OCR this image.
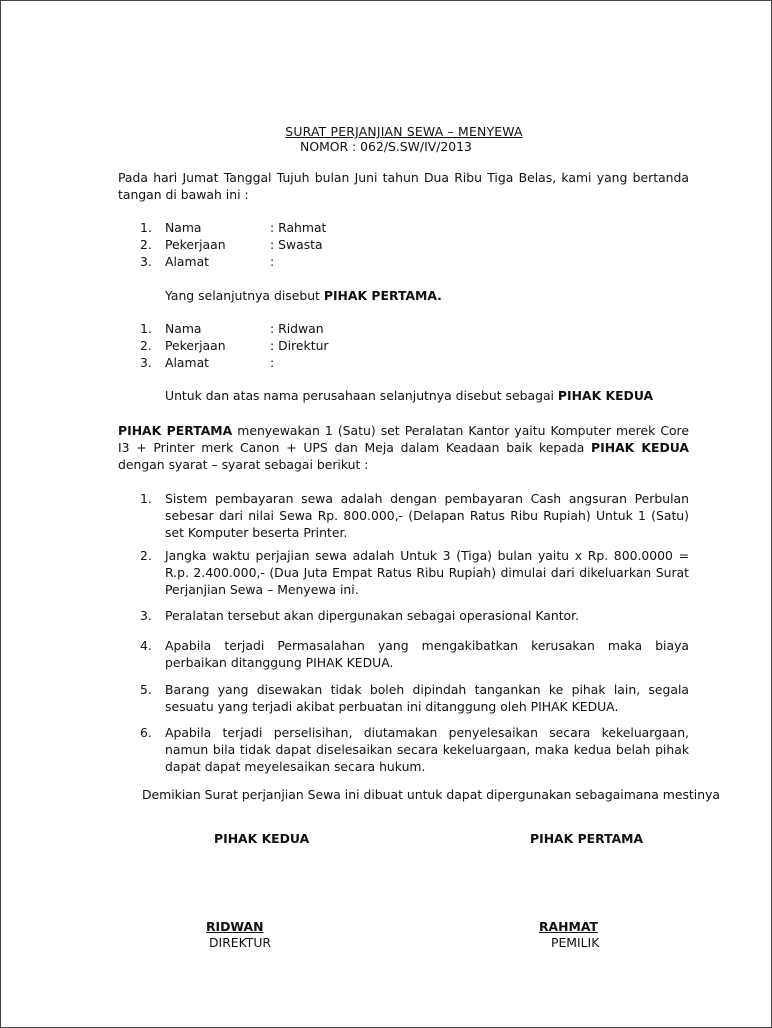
SURAT PERJANJIAN SEWA – MENYEWA
NOMOR : 062/S.SW/IV/2013
Pada hari Jumat Tanggal Tujuh bulan Juni tahun Dua Ribu Tiga Belas, kami yang bertanda tangan di bawah ini :
1. Nama	: Rahmat
2. Pekerjaan	: Swasta
3. Alamat	:
Yang selanjutnya disebut PIHAK PERTAMA.
1. Nama	: Ridwan
2. Pekerjaan	: Direktur
3. Alamat	:
Untuk dan atas nama perusahaan selanjutnya disebut sebagai PIHAK KEDUA
PIHAK PERTAMA menyewakan 1 (Satu) set Peralatan Kantor yaitu Komputer merek Core I3 + Printer merk Canon + UPS dan Meja dalam Keadaan baik kepada PIHAK KEDUA dengan syarat – syarat sebagai berikut :
1. Sistem pembayaran sewa adalah dengan pembayaran Cash angsuran Perbulan sebesar dari nilai Sewa Rp. 800.000,- (Delapan Ratus Ribu Rupiah) Untuk 1 (Satu) set Komputer beserta Printer.
2. Jangka waktu perjajian sewa adalah Untuk 3 (Tiga) bulan yaitu x Rp. 800.0000 = R.p. 2.400.000,- (Dua Juta Empat Ratus Ribu Rupiah) dimulai dari dikeluarkan Surat Perjanjian Sewa – Menyewa ini.
3. Peralatan tersebut akan dipergunakan sebagai operasional Kantor.
4. Apabila terjadi Permasalahan yang mengakibatkan kerusakan maka biaya perbaikan ditanggung PIHAK KEDUA.
5. Barang yang disewakan tidak boleh dipindah tangankan ke pihak lain, segala sesuatu yang terjadi akibat perbuatan ini ditanggung oleh PIHAK KEDUA.
6. Apabila terjadi perselisihan, diutamakan penyelesaikan secara kekeluargaan, namun bila tidak dapat diselesaikan secara kekeluargaan, maka kedua belah pihak dapat dapat meyelesaikan secara hukum.
Demikian Surat perjanjian Sewa ini dibuat untuk dapat dipergunakan sebagaimana mestinya
PIHAK KEDUA
RIDWAN
DIREKTUR
PIHAK PERTAMA
RAHMAT
PEMILIK
